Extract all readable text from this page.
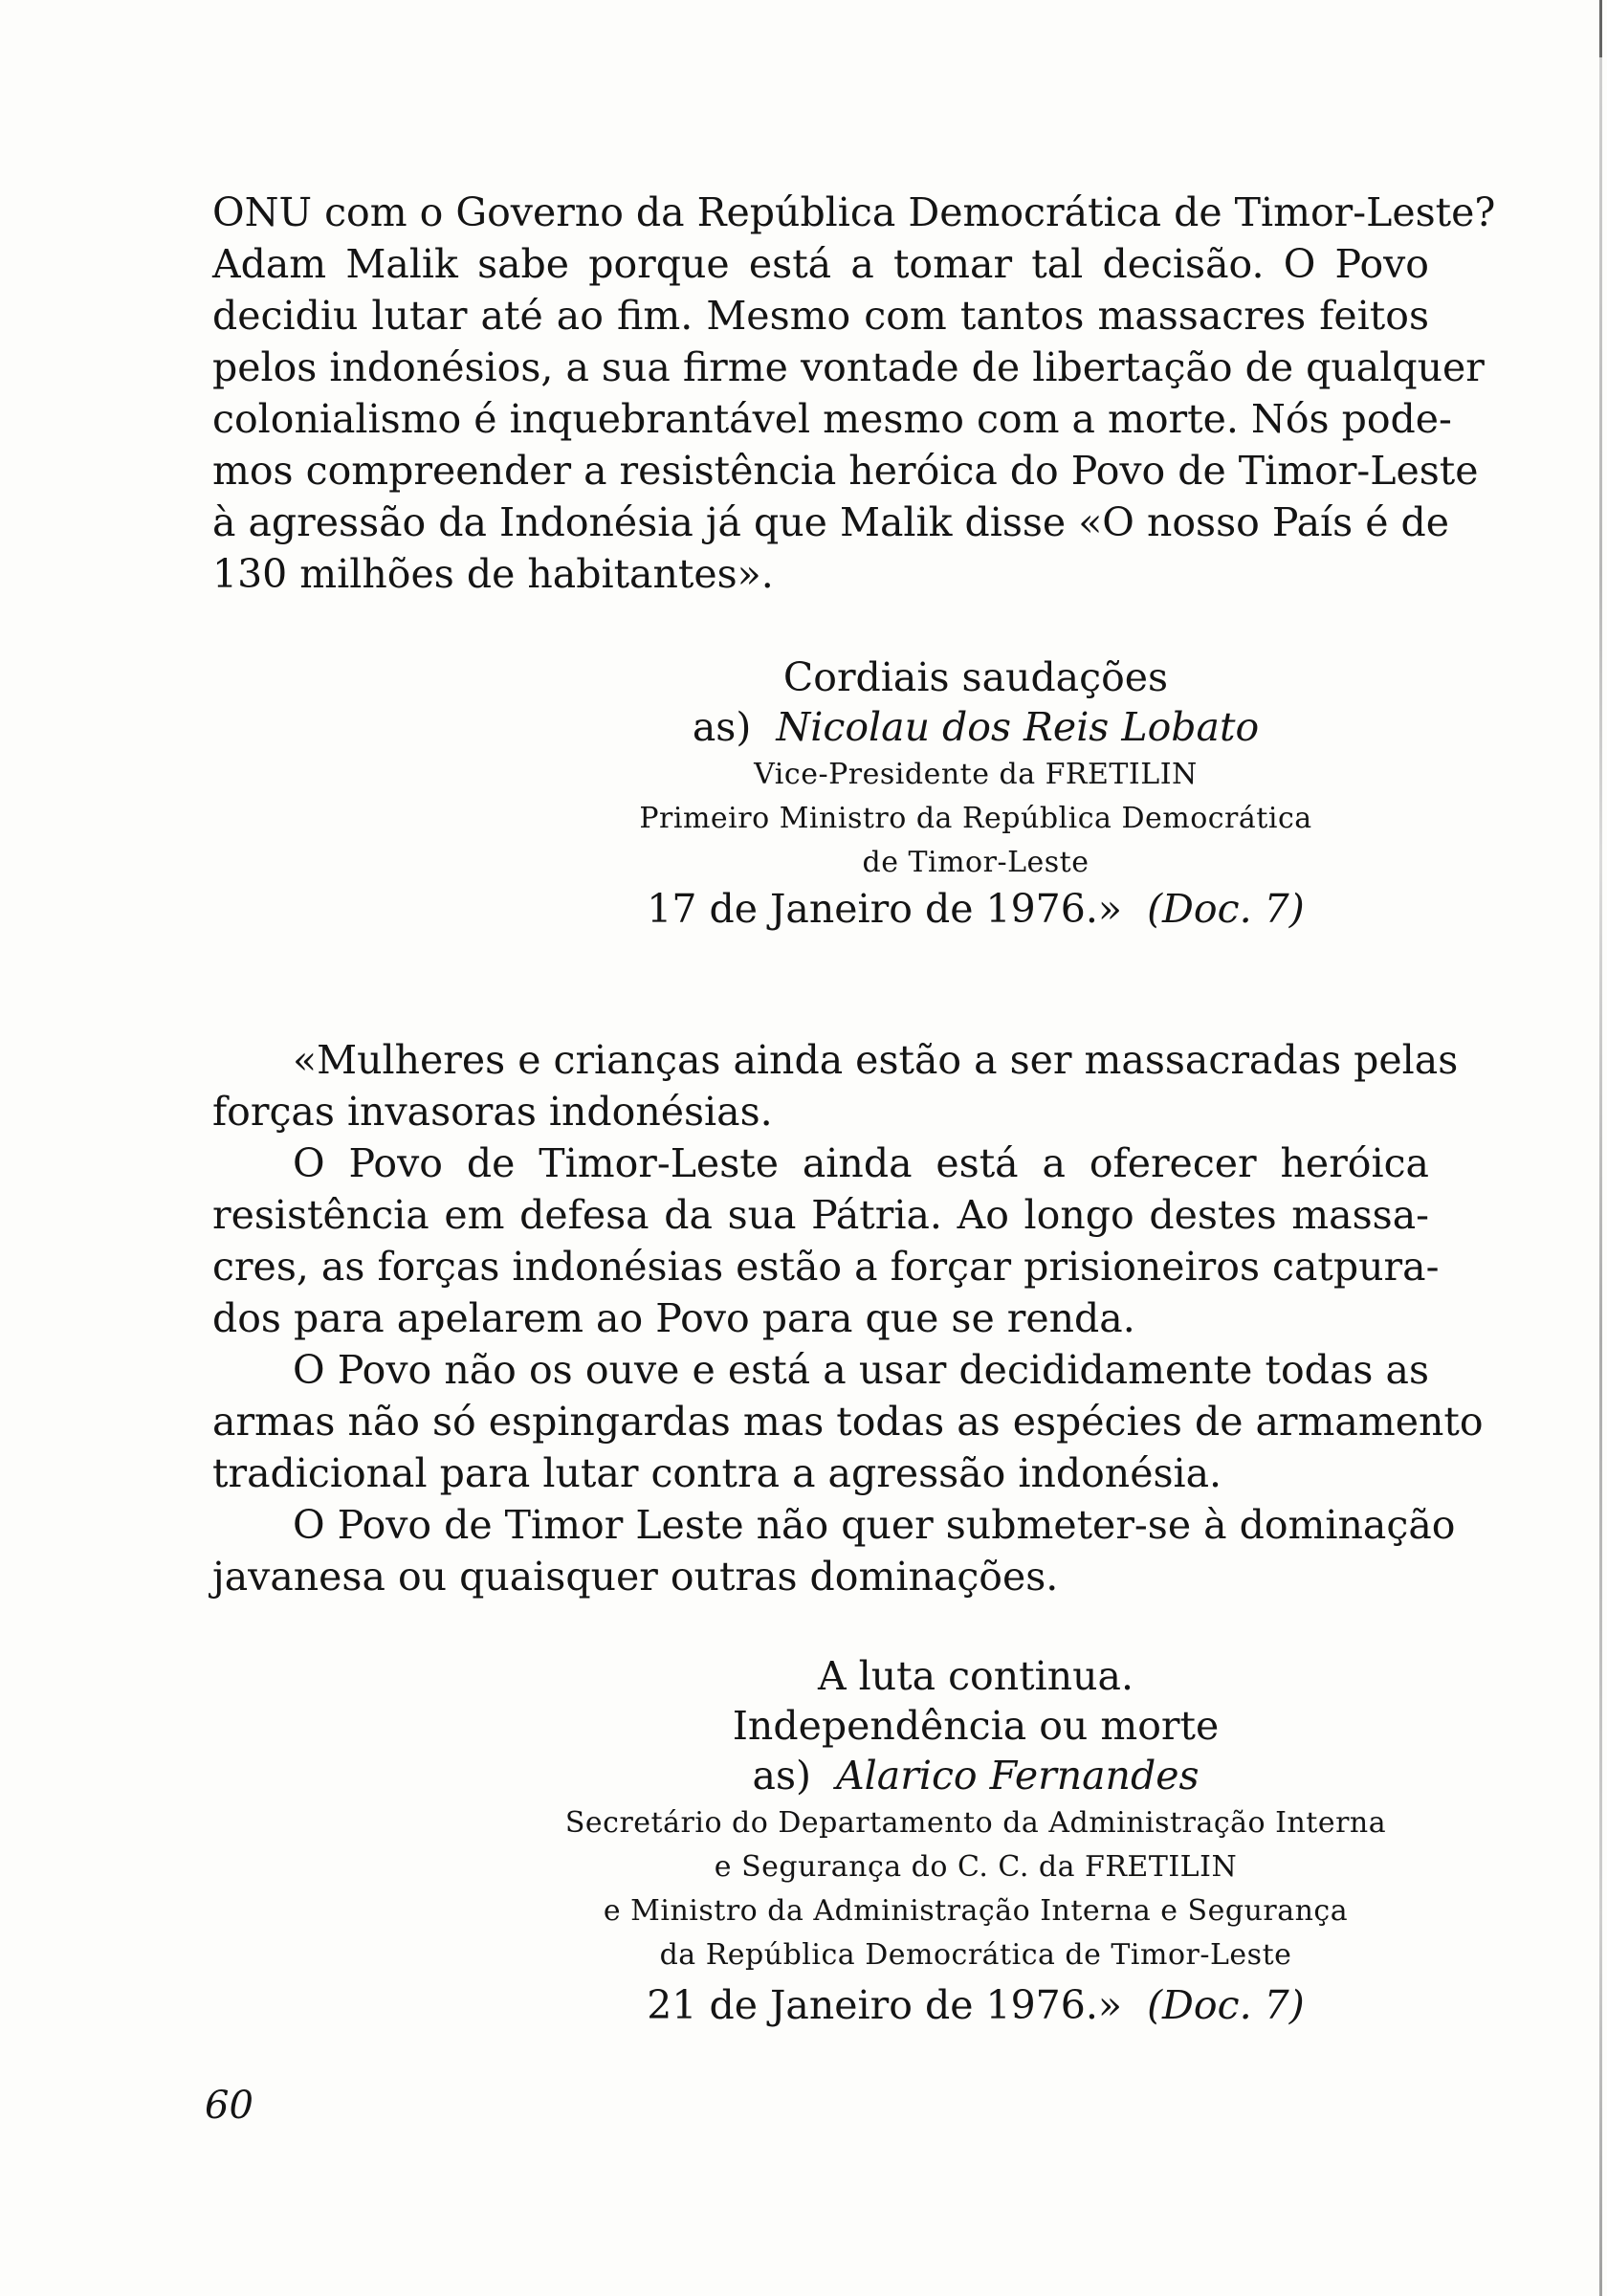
ONU com o Governo da República Democrática de Timor-Leste?
Adam Malik sabe porque está a tomar tal decisão. O Povo
decidiu lutar até ao fim. Mesmo com tantos massacres feitos
pelos indonésios, a sua firme vontade de libertação de qualquer
colonialismo é inquebrantável mesmo com a morte. Nós pode-
mos compreender a resistência heróica do Povo de Timor-Leste
à agressão da Indonésia já que Malik disse «O nosso País é de
130 milhões de habitantes».
Cordiais saudações
as) Nicolau dos Reis Lobato
Vice-Presidente da FRETILIN
Primeiro Ministro da República Democrática
de Timor-Leste
17 de Janeiro de 1976.» (Doc. 7)
«Mulheres e crianças ainda estão a ser massacradas pelas
forças invasoras indonésias.
O Povo de Timor-Leste ainda está a oferecer heróica
resistência em defesa da sua Pátria. Ao longo destes massa-
cres, as forças indonésias estão a forçar prisioneiros catpura-
dos para apelarem ao Povo para que se renda.
O Povo não os ouve e está a usar decididamente todas as
armas não só espingardas mas todas as espécies de armamento
tradicional para lutar contra a agressão indonésia.
O Povo de Timor Leste não quer submeter-se à dominação
javanesa ou quaisquer outras dominações.
A luta continua.
Independência ou morte
as) Alarico Fernandes
Secretário do Departamento da Administração Interna
e Segurança do C. C. da FRETILIN
e Ministro da Administração Interna e Segurança
da República Democrática de Timor-Leste
21 de Janeiro de 1976.» (Doc. 7)
60
